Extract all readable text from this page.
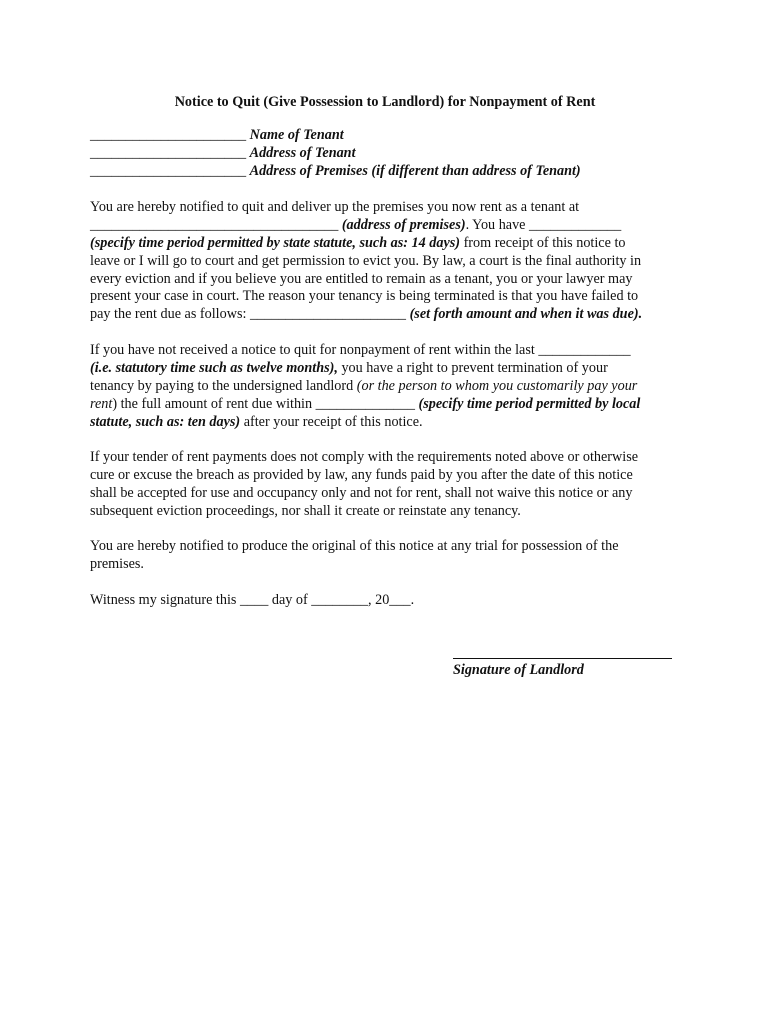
Notice to Quit (Give Possession to Landlord) for Nonpayment of Rent
______________________ Name of Tenant
______________________ Address of Tenant
______________________ Address of Premises (if different than address of Tenant)
You are hereby notified to quit and deliver up the premises you now rent as a tenant at
___________________________________ (address of premises). You have _____________
(specify time period permitted by state statute, such as: 14 days) from receipt of this notice to
leave or I will go to court and get permission to evict you. By law, a court is the final authority in
every eviction and if you believe you are entitled to remain as a tenant, you or your lawyer may
present your case in court. The reason your tenancy is being terminated is that you have failed to
pay the rent due as follows: ______________________ (set forth amount and when it was due).
If you have not received a notice to quit for nonpayment of rent within the last _____________
(i.e. statutory time such as twelve months), you have a right to prevent termination of your
tenancy by paying to the undersigned landlord (or the person to whom you customarily pay your
rent) the full amount of rent due within ______________ (specify time period permitted by local
statute, such as: ten days) after your receipt of this notice.
If your tender of rent payments does not comply with the requirements noted above or otherwise
cure or excuse the breach as provided by law, any funds paid by you after the date of this notice
shall be accepted for use and occupancy only and not for rent, shall not waive this notice or any
subsequent eviction proceedings, nor shall it create or reinstate any tenancy.
You are hereby notified to produce the original of this notice at any trial for possession of the
premises.
Witness my signature this ____ day of ________, 20___.
Signature of Landlord
